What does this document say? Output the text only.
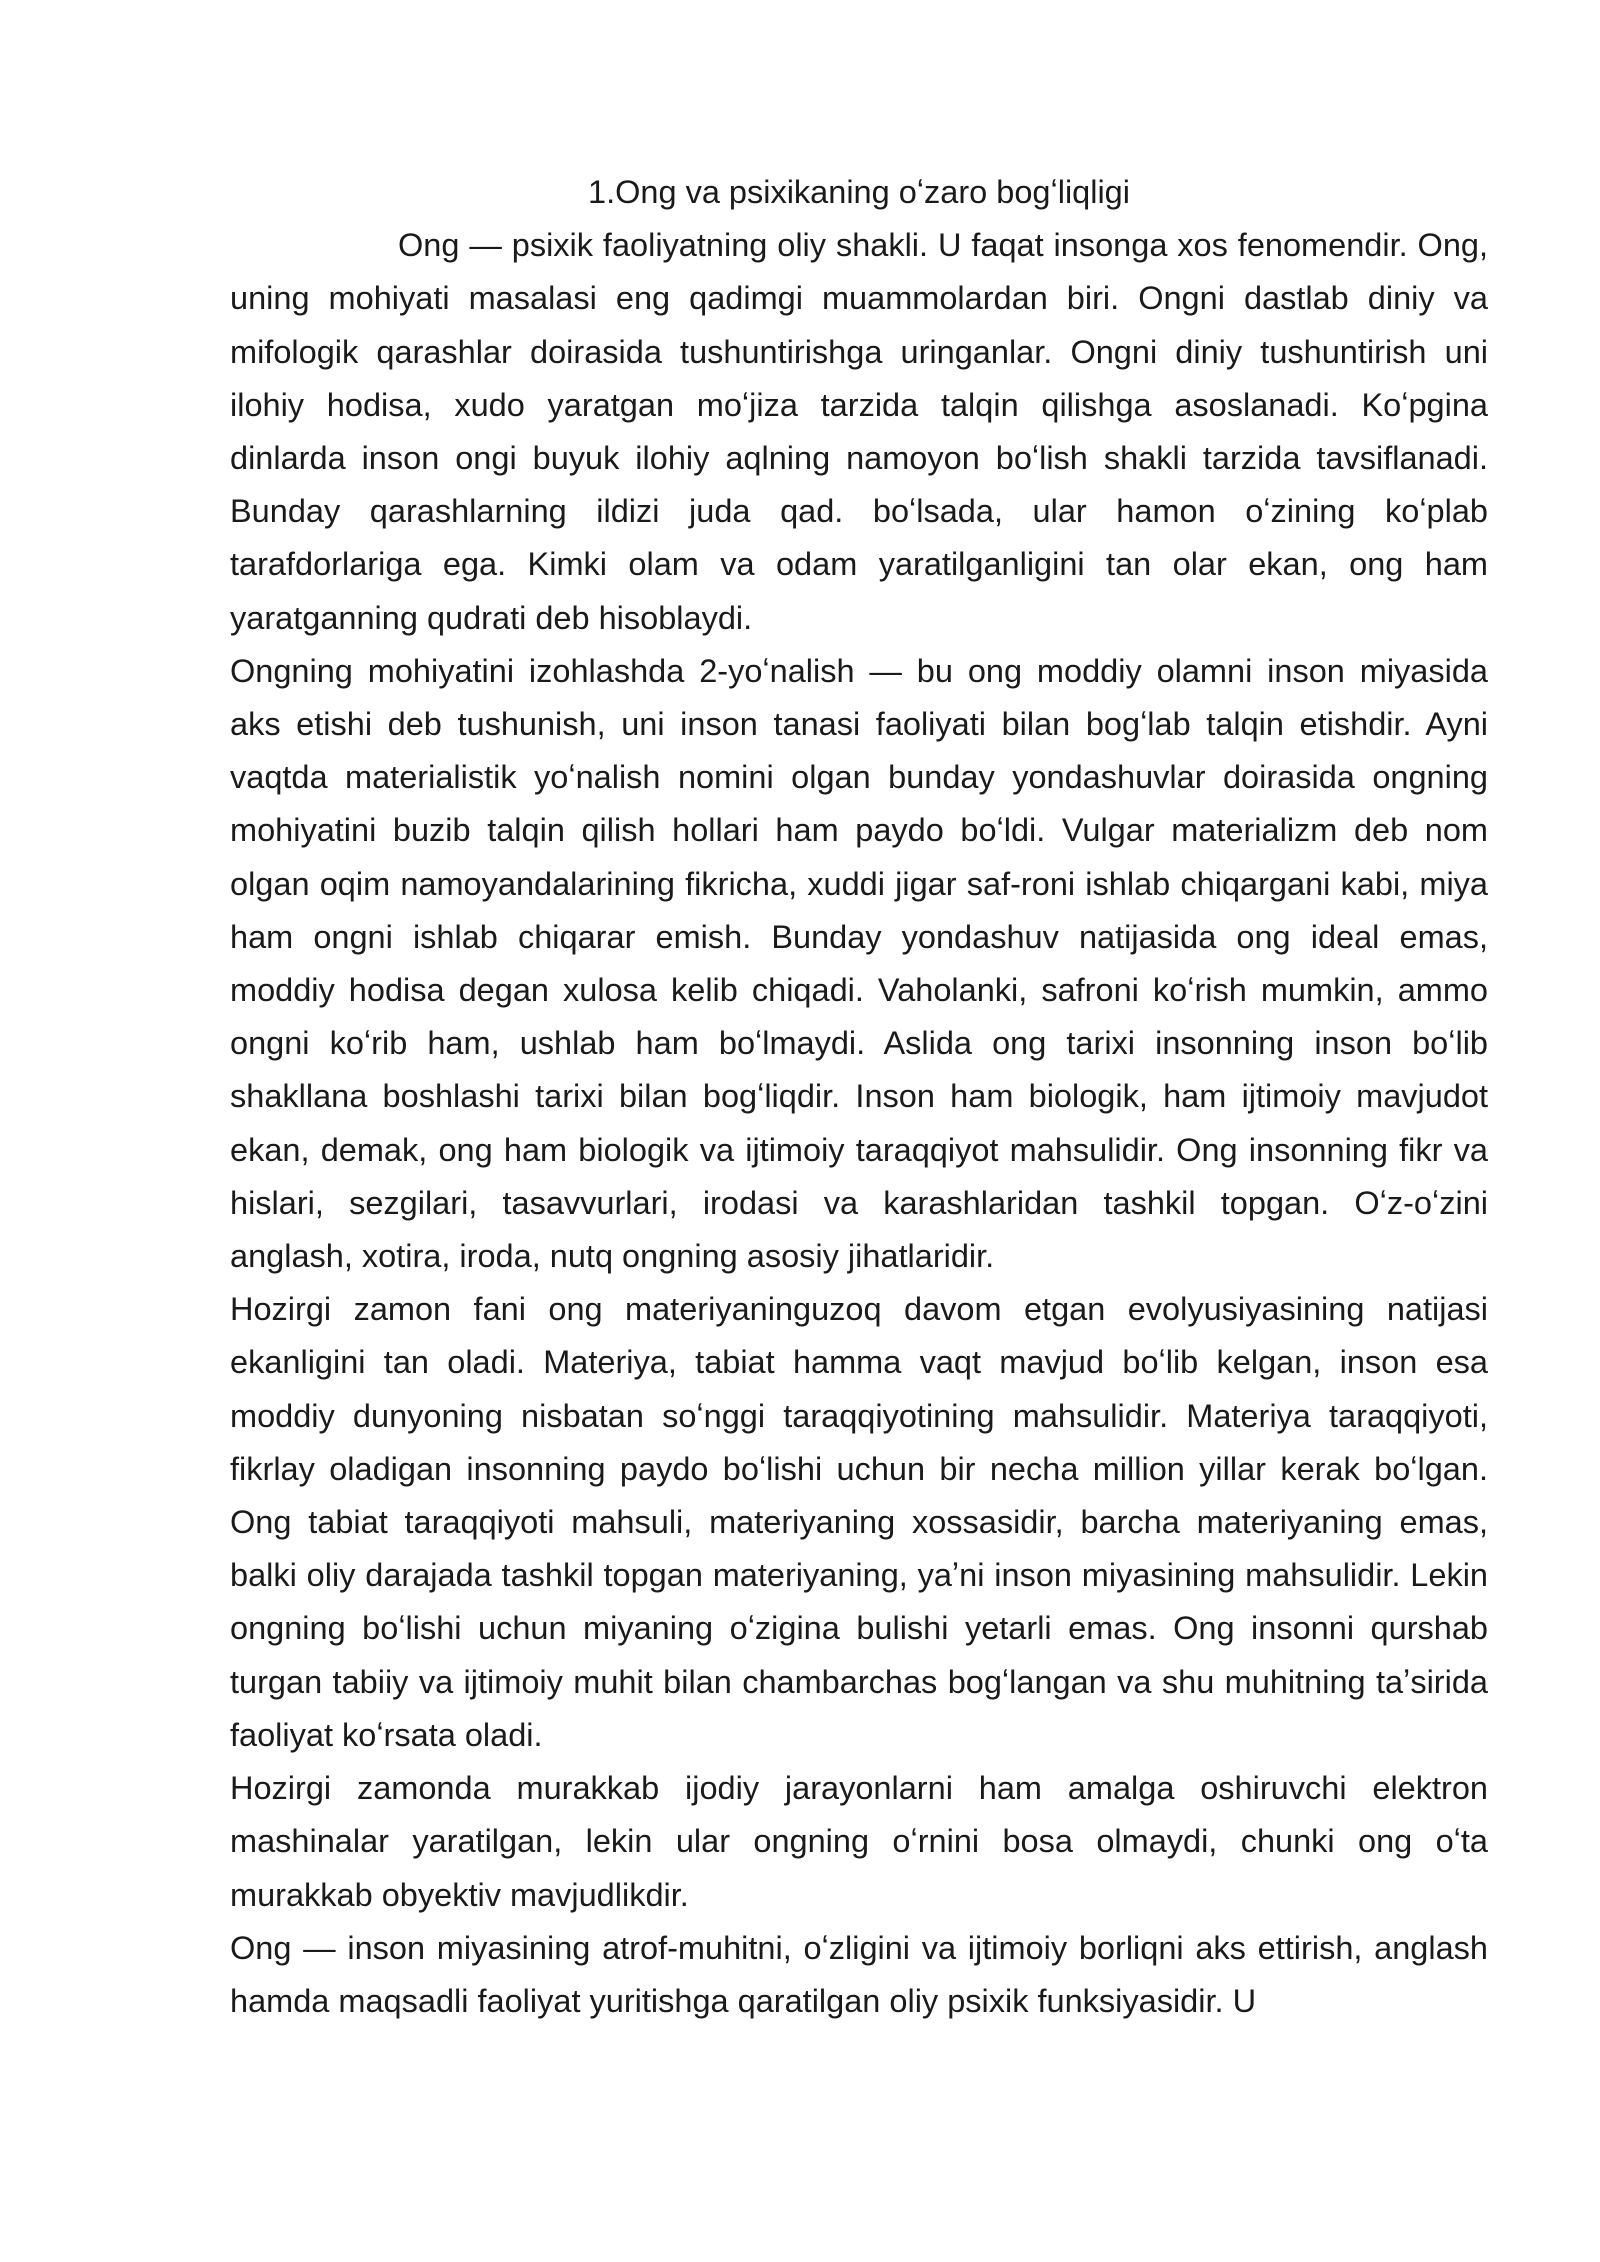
1.Ong va psixikaning oʻzaro bogʻliqligi

Ong — psixik faoliyatning oliy shakli. U faqat insonga xos fenomendir. Ong, uning mohiyati masalasi eng qadimgi muammolardan biri. Ongni dastlab diniy va mifologik qarashlar doirasida tushuntirishga uringanlar. Ongni diniy tushuntirish uni ilohiy hodisa, xudo yaratgan moʻjiza tarzida talqin qilishga asoslanadi. Koʻpgina dinlarda inson ongi buyuk ilohiy aqlning namoyon boʻlish shakli tarzida tavsiflanadi. Bunday qarashlarning ildizi juda qad. boʻlsada, ular hamon oʻzining koʻplab tarafdorlariga ega. Kimki olam va odam yaratilganligini tan olar ekan, ong ham yaratganning qudrati deb hisoblaydi.

Ongning mohiyatini izohlashda 2-yoʻnalish — bu ong moddiy olamni inson miyasida aks etishi deb tushunish, uni inson tanasi faoliyati bilan bogʻlab talqin etishdir. Ayni vaqtda materialistik yoʻnalish nomini olgan bunday yondashuvlar doirasida ongning mohiyatini buzib talqin qilish hollari ham paydo boʻldi. Vulgar materializm deb nom olgan oqim namoyandalarining fikricha, xuddi jigar saf-roni ishlab chiqargani kabi, miya ham ongni ishlab chiqarar emish. Bunday yondashuv natijasida ong ideal emas, moddiy hodisa degan xulosa kelib chiqadi. Vaholanki, safroni koʻrish mumkin, ammo ongni koʻrib ham, ushlab ham boʻlmaydi. Aslida ong tarixi insonning inson boʻlib shakllana boshlashi tarixi bilan bogʻliqdir. Inson ham biologik, ham ijtimoiy mavjudot ekan, demak, ong ham biologik va ijtimoiy taraqqiyot mahsulidir. Ong insonning fikr va hislari, sezgilari, tasavvurlari, irodasi va karashlaridan tashkil topgan. Oʻz-oʻzini anglash, xotira, iroda, nutq ongning asosiy jihatlaridir.

Hozirgi zamon fani ong materiyaninguzoq davom etgan evolyusiyasining natijasi ekanligini tan oladi. Materiya, tabiat hamma vaqt mavjud boʻlib kelgan, inson esa moddiy dunyoning nisbatan soʻnggi taraqqiyotining mahsulidir. Materiya taraqqiyoti, fikrlay oladigan insonning paydo boʻlishi uchun bir necha million yillar kerak boʻlgan. Ong tabiat taraqqiyoti mahsuli, materiyaning xossasidir, barcha materiyaning emas, balki oliy darajada tashkil topgan materiyaning, yaʼni inson miyasining mahsulidir. Lekin ongning boʻlishi uchun miyaning oʻzigina bulishi yetarli emas. Ong insonni qurshab turgan tabiiy va ijtimoiy muhit bilan chambarchas bogʻlangan va shu muhitning taʼsirida faoliyat koʻrsata oladi.

Hozirgi zamonda murakkab ijodiy jarayonlarni ham amalga oshiruvchi elektron mashinalar yaratilgan, lekin ular ongning oʻrnini bosa olmaydi, chunki ong oʻta murakkab obyektiv mavjudlikdir.

Ong — inson miyasining atrof-muhitni, oʻzligini va ijtimoiy borliqni aks ettirish, anglash hamda maqsadli faoliyat yuritishga qaratilgan oliy psixik funksiyasidir. U
